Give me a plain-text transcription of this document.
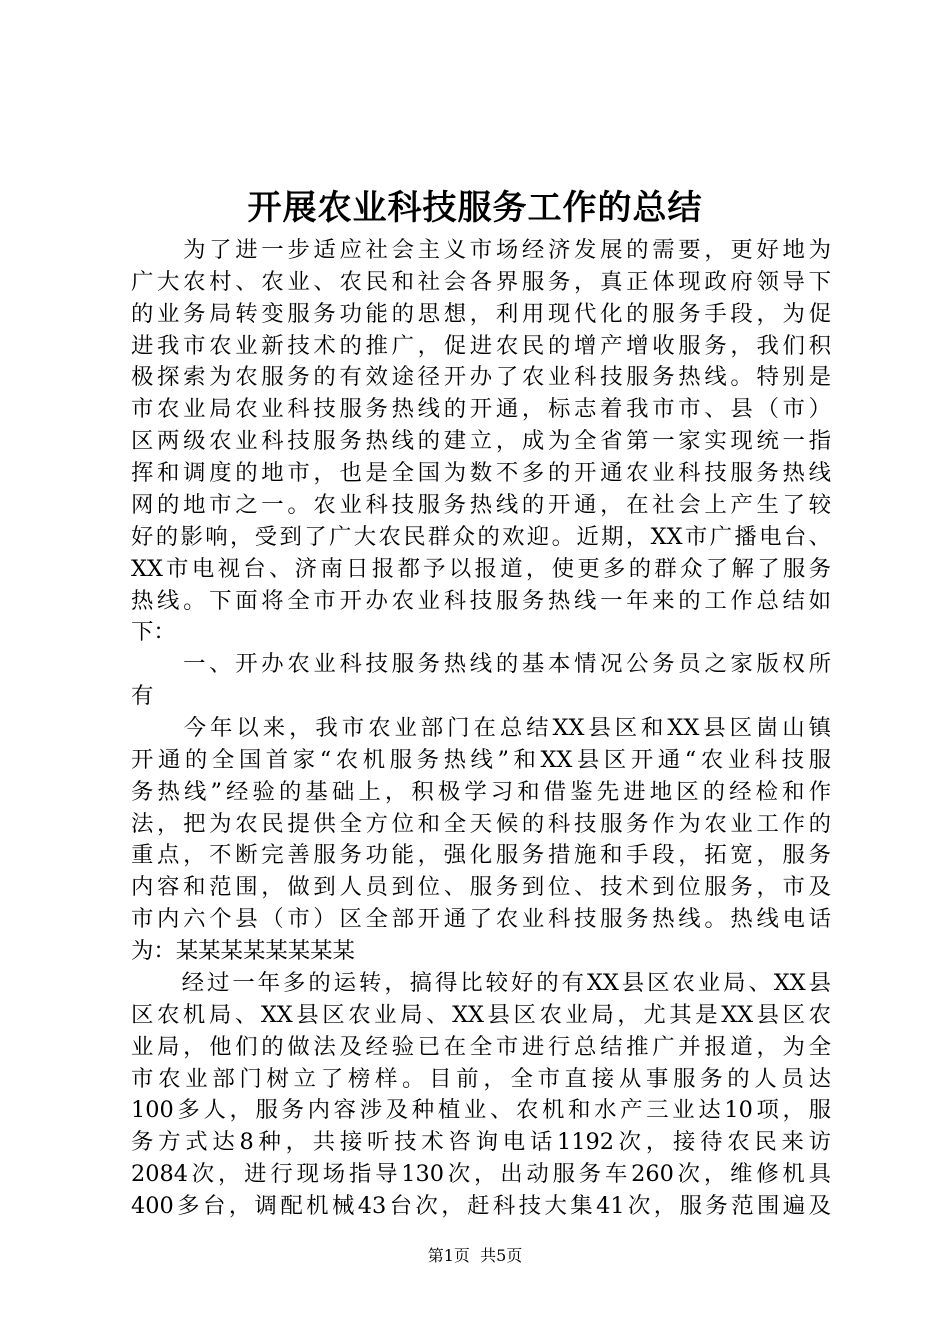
开展农业科技服务工作的总结
　　为了进一步适应社会主义市场经济发展的需要，更好地为
广大农村、农业、农民和社会各界服务，真正体现政府领导下
的业务局转变服务功能的思想，利用现代化的服务手段，为促
进我市农业新技术的推广，促进农民的增产增收服务，我们积
极探索为农服务的有效途径开办了农业科技服务热线。特别是
市农业局农业科技服务热线的开通，标志着我市市、县（市）
区两级农业科技服务热线的建立，成为全省第一家实现统一指
挥和调度的地市，也是全国为数不多的开通农业科技服务热线
网的地市之一。农业科技服务热线的开通，在社会上产生了较
好的影响，受到了广大农民群众的欢迎。近期，XX市广播电台、
XX市电视台、济南日报都予以报道，使更多的群众了解了服务
热线。下面将全市开办农业科技服务热线一年来的工作总结如
下：
　　一、开办农业科技服务热线的基本情况公务员之家版权所
有
　　今年以来，我市农业部门在总结XX县区和XX县区崮山镇
开通的全国首家“农机服务热线”和XX县区开通“农业科技服
务热线”经验的基础上，积极学习和借鉴先进地区的经检和作
法，把为农民提供全方位和全天候的科技服务作为农业工作的
重点，不断完善服务功能，强化服务措施和手段，拓宽，服务
内容和范围，做到人员到位、服务到位、技术到位服务，市及
市内六个县（市）区全部开通了农业科技服务热线。热线电话
为：某某某某某某某某
　　经过一年多的运转，搞得比较好的有XX县区农业局、XX县
区农机局、XX县区农业局、XX县区农业局，尤其是XX县区农
业局，他们的做法及经验已在全市进行总结推广并报道，为全
市农业部门树立了榜样。目前，全市直接从事服务的人员达
100多人，服务内容涉及种植业、农机和水产三业达10项，服
务方式达8种，共接听技术咨询电话1192次，接待农民来访
2084次，进行现场指导130次，出动服务车260次，维修机具
400多台，调配机械43台次，赶科技大集41次，服务范围遍及
第1页 共5页
